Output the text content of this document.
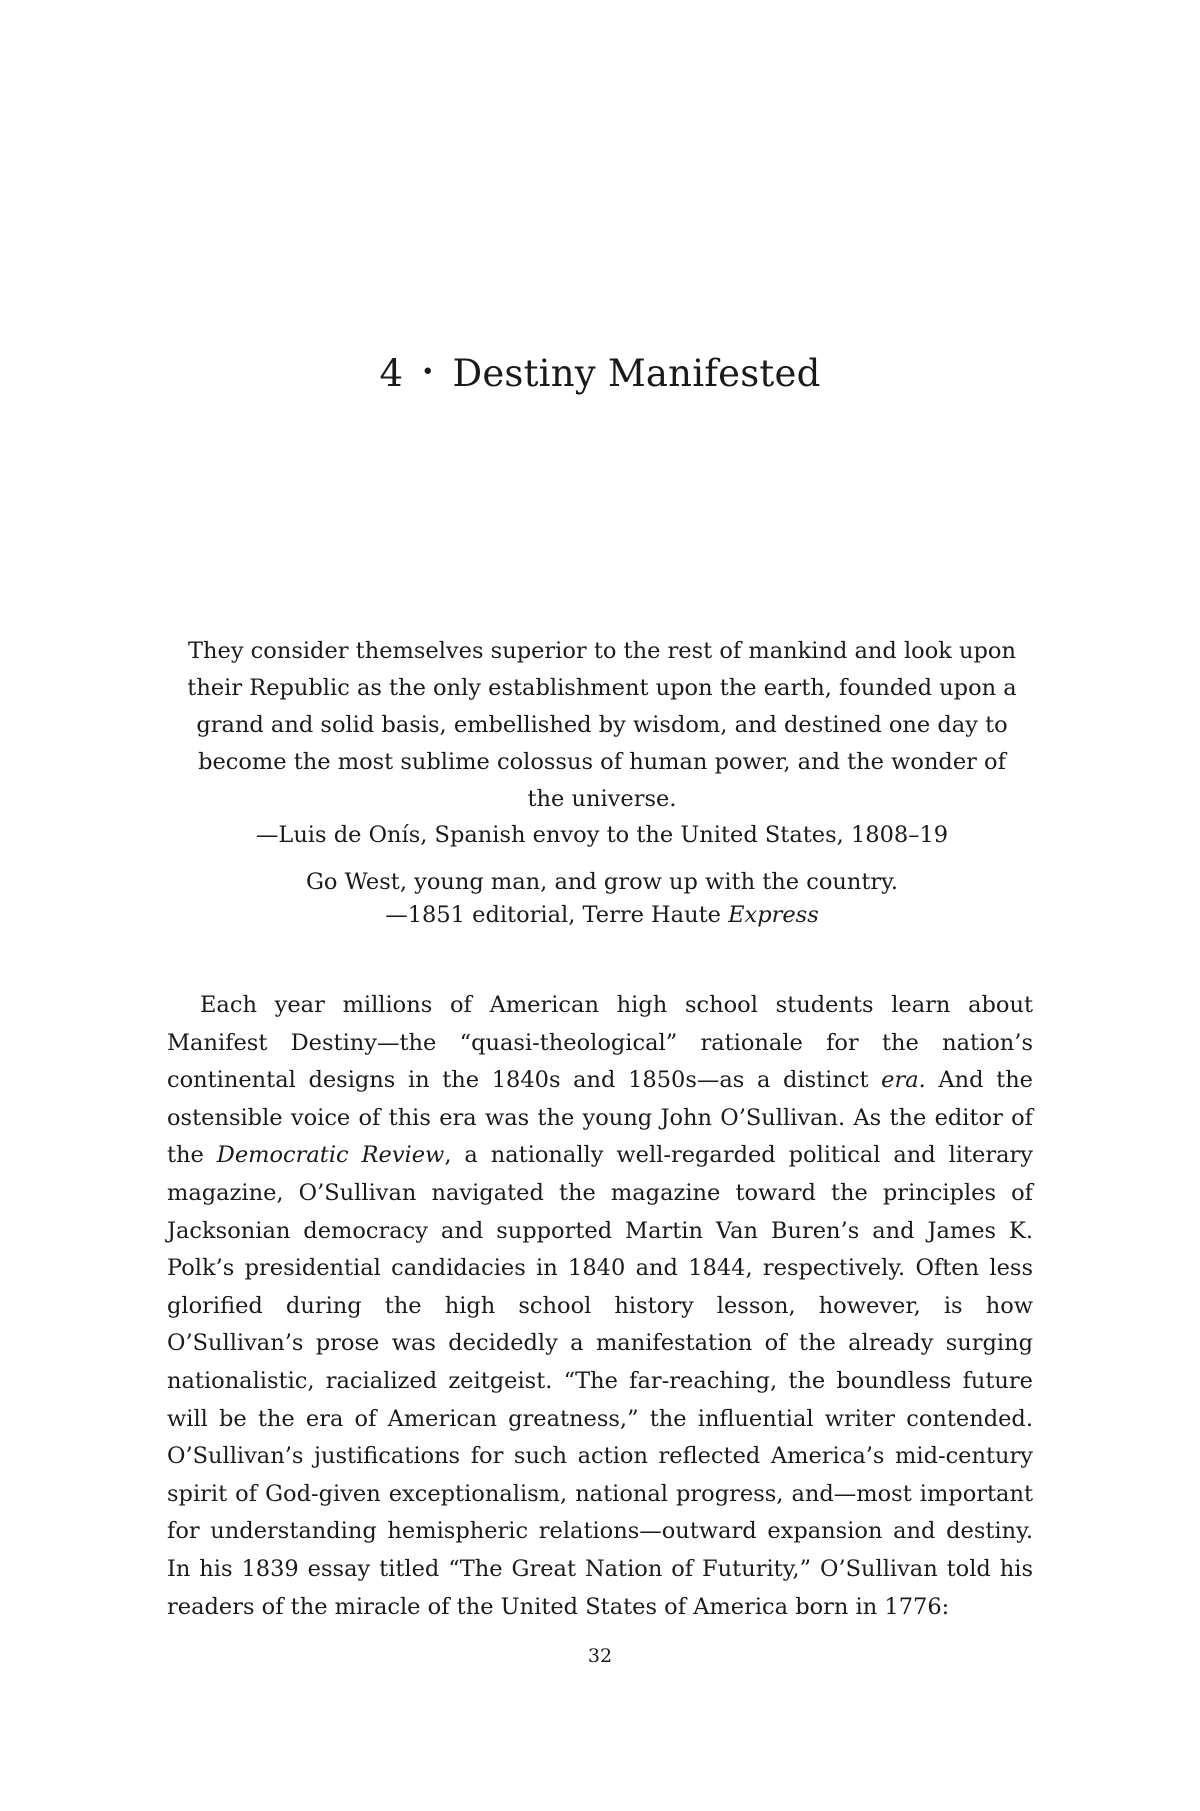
4 • Destiny Manifested
They consider themselves superior to the rest of mankind and look upon their Republic as the only establishment upon the earth, founded upon a grand and solid basis, embellished by wisdom, and destined one day to become the most sublime colossus of human power, and the wonder of the universe.
—Luis de Onís, Spanish envoy to the United States, 1808–19
Go West, young man, and grow up with the country.
—1851 editorial, Terre Haute Express
Each year millions of American high school students learn about Manifest Destiny—the “quasi-theological” rationale for the nation’s continental designs in the 1840s and 1850s—as a distinct era. And the ostensible voice of this era was the young John O’Sullivan. As the editor of the Democratic Review, a nationally well-regarded political and literary magazine, O’Sullivan navigated the magazine toward the principles of Jacksonian democracy and supported Martin Van Buren’s and James K. Polk’s presidential candidacies in 1840 and 1844, respectively. Often less glorified during the high school history lesson, however, is how O’Sullivan’s prose was decidedly a manifestation of the already surging nationalistic, racialized zeitgeist. “The far-reaching, the boundless future will be the era of American greatness,” the influential writer contended. O’Sullivan’s justifications for such action reflected America’s mid-century spirit of God-given exceptionalism, national progress, and—most important for understanding hemispheric relations—outward expansion and destiny. In his 1839 essay titled “The Great Nation of Futurity,” O’Sullivan told his readers of the miracle of the United States of America born in 1776:
32
